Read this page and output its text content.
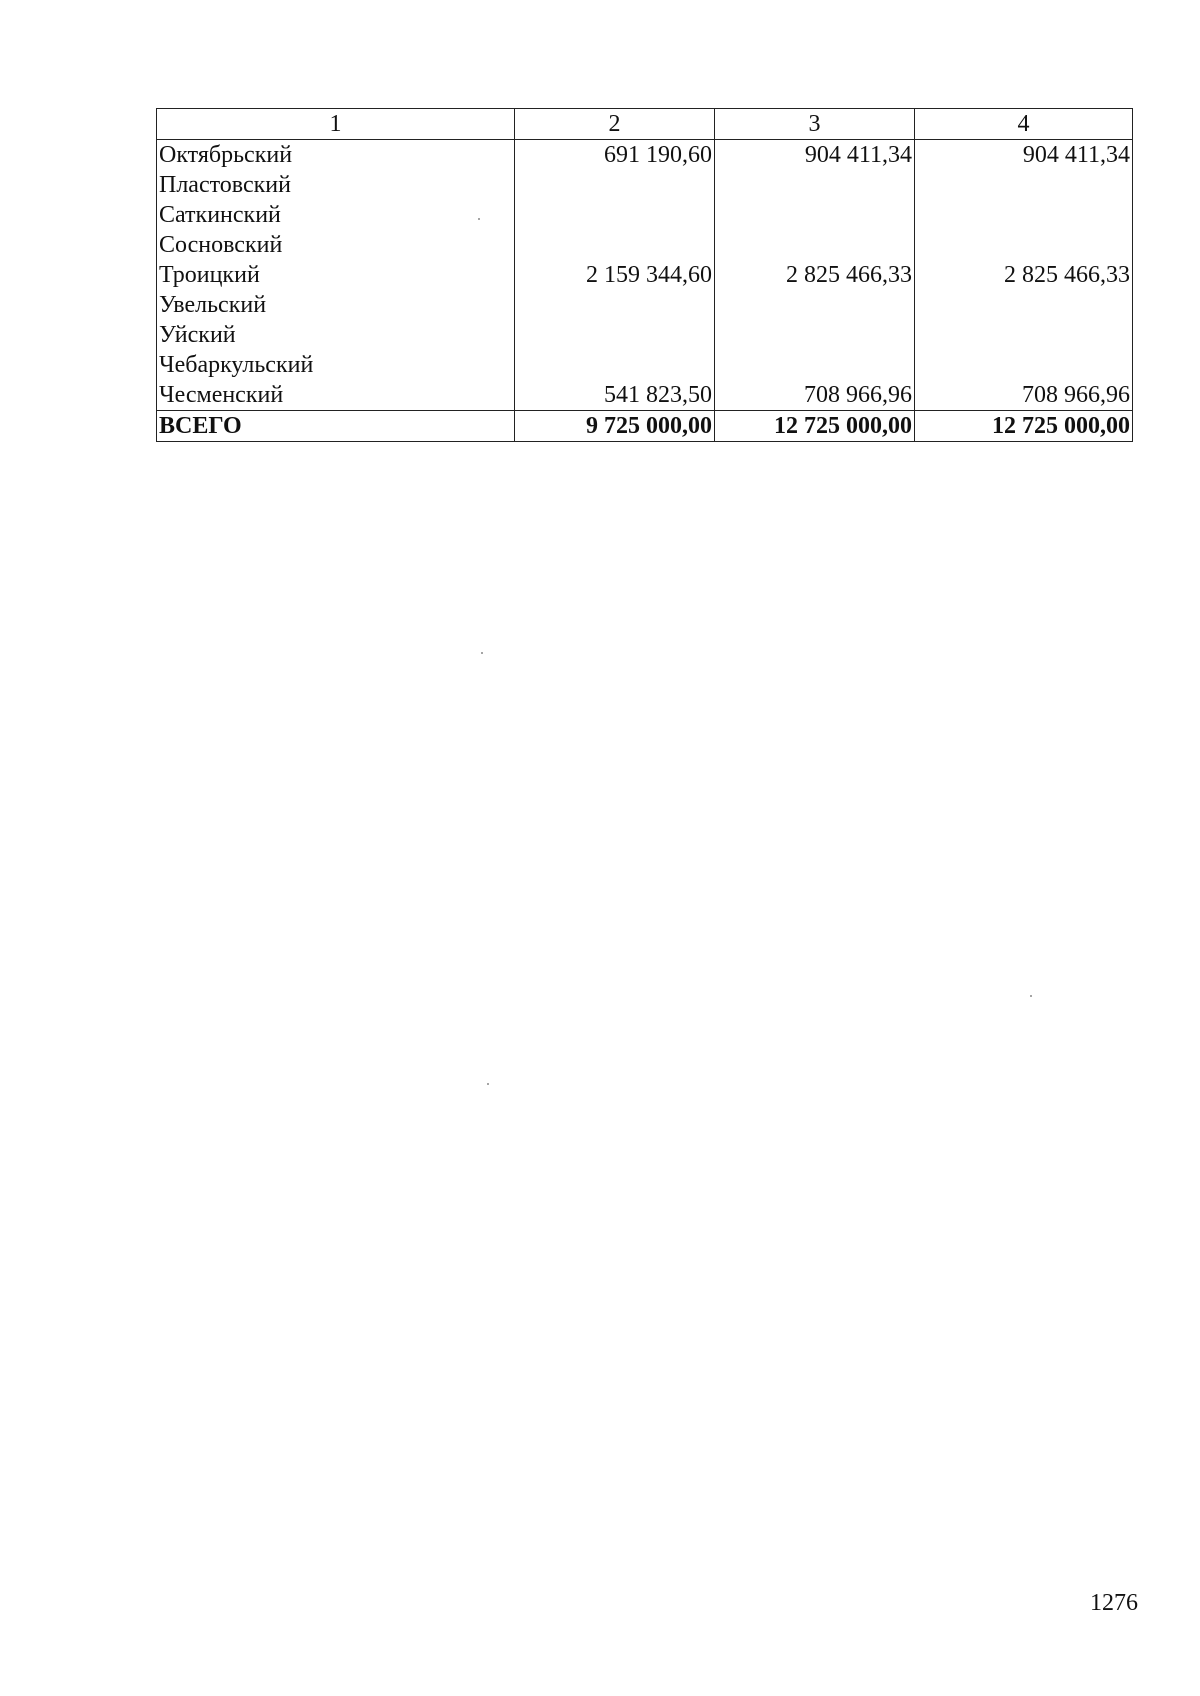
1	2	3	4
Октябрьский	691 190,60	904 411,34	904 411,34
Пластовский			
Саткинский			
Сосновский			
Троицкий	2 159 344,60	2 825 466,33	2 825 466,33
Увельский			
Уйский			
Чебаркульский			
Чесменский	541 823,50	708 966,96	708 966,96
ВСЕГО	9 725 000,00	12 725 000,00	12 725 000,00
1276
